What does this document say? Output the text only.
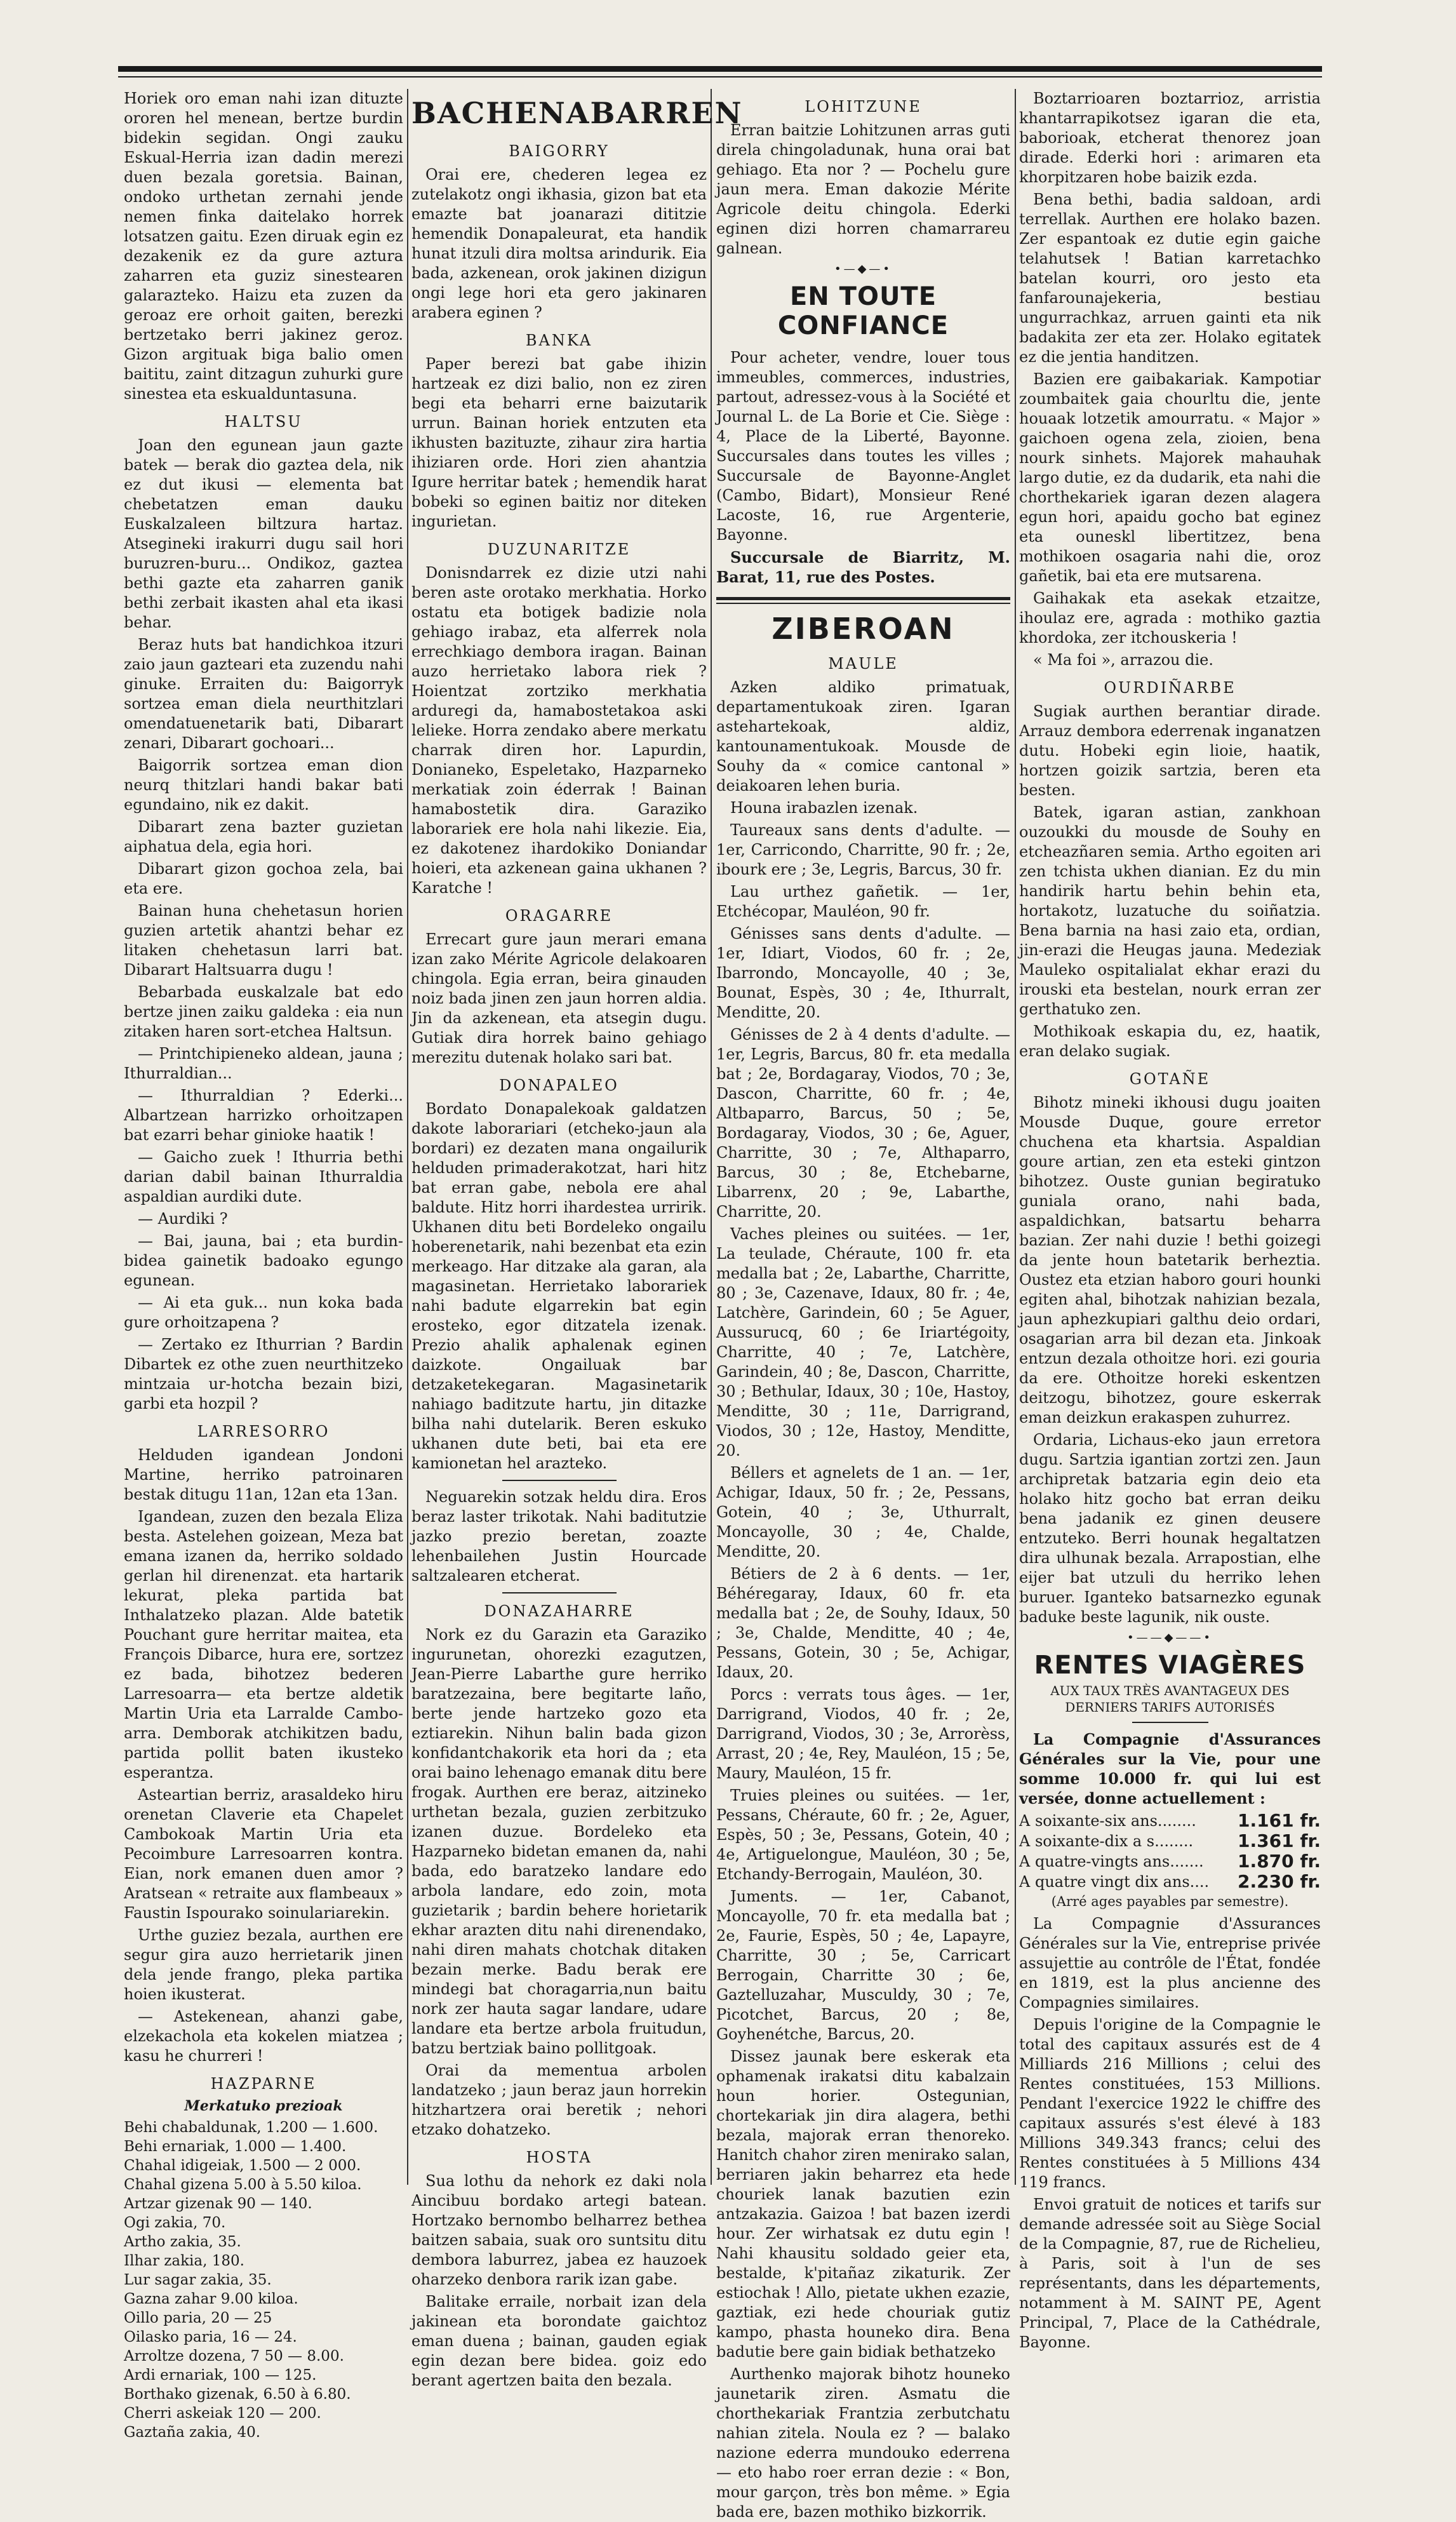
Horiek oro eman nahi izan dituzte ororen hel menean, bertze burdin bidekin segidan. Ongi zauku Eskual-Herria izan dadin merezi duen bezala goretsia. Bainan, ondoko urthetan zernahi jende nemen finka daitelako horrek lotsatzen gaitu. Ezen diruak egin ez dezakenik ez da gure aztura zaharren eta guziz sinestearen galarazteko. Haizu eta zuzen da geroaz ere orhoit gaiten, berezki bertzetako berri jakinez geroz. Gizon argituak biga balio omen baititu, zaint ditzagun zuhurki gure sinestea eta eskualduntasuna.

HALTSU

Joan den egunean jaun gazte batek — berak dio gaztea dela, nik ez dut ikusi — elementa bat chebetatzen eman dauku Euskalzaleen biltzura hartaz. Atsegineki irakurri dugu sail hori buruzren-buru... Ondikoz, gaztea bethi gazte eta zaharren ganik bethi zerbait ikasten ahal eta ikasi behar.

Beraz huts bat handichkoa itzuri zaio jaun gazteari eta zuzendu nahi ginuke. Erraiten du: Baigorryk sortzea eman diela neurthitzlari omendatuenetarik bati, Dibarart zenari, Dibarart gochoari...

Baigorrik sortzea eman dion neurq thitzlari handi bakar bati egundaino, nik ez dakit.

Dibarart zena bazter guzietan aiphatua dela, egia hori.

Dibarart gizon gochoa zela, bai eta ere.

Bainan huna chehetasun horien guzien artetik ahantzi behar ez litaken chehetasun larri bat. Dibarart Haltsuarra dugu !

Bebarbada euskalzale bat edo bertze jinen zaiku galdeka : eia nun zitaken haren sort-etchea Haltsun.

— Printchipieneko aldean, jauna ; Ithurraldian...

— Ithurraldian ? Ederki... Albartzean harrizko orhoitzapen bat ezarri behar ginioke haatik !

— Gaicho zuek ! Ithurria bethi darian dabil bainan Ithurraldia aspaldian aurdiki dute.

— Aurdiki ?

— Bai, jauna, bai ; eta burdin-bidea gainetik badoako egungo egunean.

— Ai eta guk... nun koka bada gure orhoitzapena ?

— Zertako ez Ithurrian ? Bardin Dibartek ez othe zuen neurthitzeko mintzaia ur-hotcha bezain bizi, garbi eta hozpil ?

LARRESORRO

Helduden igandean Jondoni Martine, herriko patroinaren bestak ditugu 11an, 12an eta 13an.

Igandean, zuzen den bezala Eliza besta. Astelehen goizean, Meza bat emana izanen da, herriko soldado gerlan hil direnenzat. eta hartarik lekurat, pleka partida bat Inthalatzeko plazan. Alde batetik Pouchant gure herritar maitea, eta François Dibarce, hura ere, sortzez ez bada, bihotzez bederen Larresoarra— eta bertze aldetik Martin Uria eta Larralde Cambo-arra. Demborak atchikitzen badu, partida pollit baten ikusteko esperantza.

Asteartian berriz, arasaldeko hiru orenetan Claverie eta Chapelet Cambokoak Martin Uria eta Pecoimbure Larresoarren kontra. Eian, nork emanen duen amor ? Aratsean « retraite aux flambeaux » Faustin Ispourako soinulariarekin.

Urthe guziez bezala, aurthen ere segur gira auzo herrietarik jinen dela jende frango, pleka partika hoien ikusterat.

— Astekenean, ahanzi gabe, elzekachola eta kokelen miatzea ; kasu he churreri !

HAZPARNE
Merkatuko prezioak

Behi chabaldunak, 1.200 — 1.600.

Behi ernariak, 1.000 — 1.400.

Chahal idigeiak, 1.500 — 2 000.

Chahal gizena 5.00 à 5.50 kiloa.

Artzar gizenak 90 — 140.

Ogi zakia, 70.

Artho zakia, 35.

Ilhar zakia, 180.

Lur sagar zakia, 35.

Gazna zahar 9.00 kiloa.

Oillo paria, 20 — 25

Oilasko paria, 16 — 24.

Arroltze dozena, 7 50 — 8.00.

Ardi ernariak, 100 — 125.

Borthako gizenak, 6.50 à 6.80.

Cherri askeiak 120 — 200.

Gaztaña zakia, 40.

BACHENABARREN
BAIGORRY

Orai ere, chederen legea ez zutelakotz ongi ikhasia, gizon bat eta emazte bat joanarazi dititzie hemendik Donapaleurat, eta handik hunat itzuli dira moltsa arindurik. Eia bada, azkenean, orok jakinen dizigun ongi lege hori eta gero jakinaren arabera eginen ?

BANKA

Paper berezi bat gabe ihizin hartzeak ez dizi balio, non ez ziren begi eta beharri erne baizutarik urrun. Bainan horiek entzuten eta ikhusten bazituzte, zihaur zira hartia ihiziaren orde. Hori zien ahantzia Igure herritar batek ; hemendik harat bobeki so eginen baitiz nor diteken ingurietan.

DUZUNARITZE

Donisndarrek ez dizie utzi nahi beren aste orotako merkhatia. Horko ostatu eta botigek badizie nola gehiago irabaz, eta alferrek nola errechkiago dembora iragan. Bainan auzo herrietako labora riek ? Hoientzat zortziko merkhatia arduregi da, hamabostetakoa aski lelieke. Horra zendako abere merkatu charrak diren hor. Lapurdin, Donianeko, Espeletako, Hazparneko merkatiak zoin éderrak ! Bainan hamabostetik dira. Garaziko laborariek ere hola nahi likezie. Eia, ez dakotenez ihardokiko Doniandar hoieri, eta azkenean gaina ukhanen ? Karatche !

ORAGARRE

Errecart gure jaun merari emana izan zako Mérite Agricole delakoaren chingola. Egia erran, beira ginauden noiz bada jinen zen jaun horren aldia. Jin da azkenean, eta atsegin dugu. Gutiak dira horrek baino gehiago merezitu dutenak holako sari bat.

DONAPALEO

Bordato Donapalekoak galdatzen dakote laborariari (etcheko-jaun ala bordari) ez dezaten mana ongailurik helduden primaderakotzat, hari hitz bat erran gabe, nebola ere ahal baldute. Hitz horri ihardestea urririk. Ukhanen ditu beti Bordeleko ongailu hoberenetarik, nahi bezenbat eta ezin merkeago. Har ditzake ala garan, ala magasinetan. Herrietako laborariek nahi badute elgarrekin bat egin erosteko, egor ditzatela izenak. Prezio ahalik aphalenak eginen daizkote. Ongailuak bar detzaketekegaran. Magasinetarik nahiago baditzute hartu, jin ditazke bilha nahi dutelarik. Beren eskuko ukhanen dute beti, bai eta ere kamionetan hel arazteko.

Neguarekin sotzak heldu dira. Eros beraz laster trikotak. Nahi baditutzie jazko prezio beretan, zoazte lehenbailehen Justin Hourcade saltzalearen etcherat.

DONAZAHARRE

Nork ez du Garazin eta Garaziko ingurunetan, ohorezki ezagutzen, Jean-Pierre Labarthe gure herriko baratzezaina, bere begitarte laño, berte jende hartzeko gozo eta eztiarekin. Nihun balin bada gizon konfidantchakorik eta hori da ; eta orai baino lehenago emanak ditu bere frogak. Aurthen ere beraz, aitzineko urthetan bezala, guzien zerbitzuko izanen duzue. Bordeleko eta Hazparneko bidetan emanen da, nahi bada, edo baratzeko landare edo arbola landare, edo zoin, mota guzietarik ; bardin behere horietarik ekhar arazten ditu nahi direnendako, nahi diren mahats chotchak ditaken bezain merke. Badu berak ere mindegi bat choragarria,nun baitu nork zer hauta sagar landare, udare landare eta bertze arbola fruitudun, batzu bertziak baino pollitgoak.

Orai da mementua arbolen landatzeko ; jaun beraz jaun horrekin hitzhartzera orai beretik ; nehori etzako dohatzeko.

HOSTA

Sua lothu da nehork ez daki nola Aincibuu bordako artegi batean. Hortzako bernombo belharrez bethea baitzen sabaia, suak oro suntsitu ditu dembora laburrez, jabea ez hauzoek oharzeko denbora rarik izan gabe.

Balitake erraile, norbait izan dela jakinean eta borondate gaichtoz eman duena ; bainan, gauden egiak egin dezan bere bidea. goiz edo berant agertzen baita den bezala.

LOHITZUNE

Erran baitzie Lohitzunen arras guti direla chingoladunak, huna orai bat gehiago. Eta nor ? — Pochelu gure jaun mera. Eman dakozie Mérite Agricole deitu chingola. Ederki eginen dizi horren chamarrareu galnean.

•—◆—•
EN TOUTE CONFIANCE

Pour acheter, vendre, louer tous immeubles, commerces, industries, partout, adressez-vous à la Société et Journal L. de La Borie et Cie. Siège : 4, Place de la Liberté, Bayonne. Succursales dans toutes les villes ; Succursale de Bayonne-Anglet (Cambo, Bidart), Monsieur René Lacoste, 16, rue Argenterie, Bayonne.

Succursale de Biarritz, M. Barat, 11, rue des Postes.

ZIBEROAN
MAULE

Azken aldiko primatuak, departamentukoak ziren. Igaran astehartekoak, aldiz, kantounamentukoak. Mousde de Souhy da « comice cantonal » deiakoaren lehen buria.

Houna irabazlen izenak.

Taureaux sans dents d'adulte. — 1er, Carricondo, Charritte, 90 fr. ; 2e, ibourk ere ; 3e, Legris, Barcus, 30 fr.

Lau urthez gañetik. — 1er, Etchécopar, Mauléon, 90 fr.

Génisses sans dents d'adulte. — 1er, Idiart, Viodos, 60 fr. ; 2e, Ibarrondo, Moncayolle, 40 ; 3e, Bounat, Espès, 30 ; 4e, Ithurralt, Menditte, 20.

Génisses de 2 à 4 dents d'adulte. — 1er, Legris, Barcus, 80 fr. eta medalla bat ; 2e, Bordagaray, Viodos, 70 ; 3e, Dascon, Charritte, 60 fr. ; 4e, Altbaparro, Barcus, 50 ; 5e, Bordagaray, Viodos, 30 ; 6e, Aguer, Charritte, 30 ; 7e, Althaparro, Barcus, 30 ; 8e, Etchebarne, Libarrenx, 20 ; 9e, Labarthe, Charritte, 20.

Vaches pleines ou suitées. — 1er, La teulade, Chéraute, 100 fr. eta medalla bat ; 2e, Labarthe, Charritte, 80 ; 3e, Cazenave, Idaux, 80 fr. ; 4e, Latchère, Garindein, 60 ; 5e Aguer, Aussurucq, 60 ; 6e Iriartégoity, Charritte, 40 ; 7e, Latchère, Garindein, 40 ; 8e, Dascon, Charritte, 30 ; Bethular, Idaux, 30 ; 10e, Hastoy, Menditte, 30 ; 11e, Darrigrand, Viodos, 30 ; 12e, Hastoy, Menditte, 20.

Béllers et agnelets de 1 an. — 1er, Achigar, Idaux, 50 fr. ; 2e, Pessans, Gotein, 40 ; 3e, Uthurralt, Moncayolle, 30 ; 4e, Chalde, Menditte, 20.

Bétiers de 2 à 6 dents. — 1er, Béhéregaray, Idaux, 60 fr. eta medalla bat ; 2e, de Souhy, Idaux, 50 ; 3e, Chalde, Menditte, 40 ; 4e, Pessans, Gotein, 30 ; 5e, Achigar, Idaux, 20.

Porcs : verrats tous âges. — 1er, Darrigrand, Viodos, 40 fr. ; 2e, Darrigrand, Viodos, 30 ; 3e, Arrorèss, Arrast, 20 ; 4e, Rey, Mauléon, 15 ; 5e, Maury, Mauléon, 15 fr.

Truies pleines ou suitées. — 1er, Pessans, Chéraute, 60 fr. ; 2e, Aguer, Espès, 50 ; 3e, Pessans, Gotein, 40 ; 4e, Artiguelongue, Mauléon, 30 ; 5e, Etchandy-Berrogain, Mauléon, 30.

Juments. — 1er, Cabanot, Moncayolle, 70 fr. eta medalla bat ; 2e, Faurie, Espès, 50 ; 4e, Lapayre, Charritte, 30 ; 5e, Carricart Berrogain, Charritte 30 ; 6e, Gaztelluzahar, Musculdy, 30 ; 7e, Picotchet, Barcus, 20 ; 8e, Goyhenétche, Barcus, 20.

Dissez jaunak bere eskerak eta ophamenak irakatsi ditu kabalzain houn horier. Ostegunian, chortekariak jin dira alagera, bethi bezala, majorak erran thenoreko. Hanitch chahor ziren menirako salan, berriaren jakin beharrez eta hede chouriek lanak bazutien ezin antzakazia. Gaizoa ! bat bazen izerdi hour. Zer wirhatsak ez dutu egin ! Nahi khausitu soldado geier eta, bestalde, k'pitañaz zikaturik. Zer estiochak ! Allo, pietate ukhen ezazie, gaztiak, ezi hede chouriak gutiz kampo, phasta houneko dira. Bena badutie bere gain bidiak bethatzeko

Aurthenko majorak bihotz houneko jaunetarik ziren. Asmatu die chorthekariak Frantzia zerbutchatu nahian zitela. Noula ez ? — balako nazione ederra mundouko ederrena — eto habo roer erran dezie : « Bon, mour garçon, très bon même. » Egia bada ere, bazen mothiko bizkorrik.

Boztarrioaren boztarrioz, arristia khantarrapikotsez igaran die eta, baborioak, etcherat thenorez joan dirade. Ederki hori : arimaren eta khorpitzaren hobe baizik ezda.

Bena bethi, badia saldoan, ardi terrellak. Aurthen ere holako bazen. Zer espantoak ez dutie egin gaiche telahutsek ! Batian karretachko batelan kourri, oro jesto eta fanfarounajekeria, bestiau ungurrachkaz, arruen gainti eta nik badakita zer eta zer. Holako egitatek ez die jentia handitzen.

Bazien ere gaibakariak. Kampotiar zoumbaitek gaia chourltu die, jente houaak lotzetik amourratu. « Major » gaichoen ogena zela, zioien, bena nourk sinhets. Majorek mahauhak largo dutie, ez da dudarik, eta nahi die chorthekariek igaran dezen alagera egun hori, apaidu gocho bat eginez eta ouneskl libertitzez, bena mothikoen osagaria nahi die, oroz gañetik, bai eta ere mutsarena.

Gaihakak eta asekak etzaitze, ihoulaz ere, agrada : mothiko gaztia khordoka, zer itchouskeria !

« Ma foi », arrazou die.

OURDIÑARBE

Sugiak aurthen berantiar dirade. Arrauz dembora ederrenak inganatzen dutu. Hobeki egin lioie, haatik, hortzen goizik sartzia, beren eta besten.

Batek, igaran astian, zankhoan ouzoukki du mousde de Souhy en etcheazñaren semia. Artho egoiten ari zen tchista ukhen dianian. Ez du min handirik hartu behin behin eta, hortakotz, luzatuche du soiñatzia. Bena barnia na hasi zaio eta, ordian, jin-erazi die Heugas jauna. Medeziak Mauleko ospitalialat ekhar erazi du irouski eta bestelan, nourk erran zer gerthatuko zen.

Mothikoak eskapia du, ez, haatik, eran delako sugiak.

GOTAÑE

Bihotz mineki ikhousi dugu joaiten Mousde Duque, goure erretor chuchena eta khartsia. Aspaldian goure artian, zen eta esteki gintzon bihotzez. Ouste gunian begiratuko guniala orano, nahi bada, aspaldichkan, batsartu beharra bazian. Zer nahi duzie ! bethi goizegi da jente houn batetarik berheztia. Oustez eta etzian haboro gouri hounki egiten ahal, bihotzak nahizian bezala, jaun aphezkupiari galthu deio ordari, osagarian arra bil dezan eta. Jinkoak entzun dezala othoitze hori. ezi gouria da ere. Othoitze horeki eskentzen deitzogu, bihotzez, goure eskerrak eman deizkun erakaspen zuhurrez.

Ordaria, Lichaus-eko jaun erretora dugu. Sartzia igantian zortzi zen. Jaun archipretak batzaria egin deio eta holako hitz gocho bat erran deiku bena jadanik ez ginen deusere entzuteko. Berri hounak hegaltatzen dira ulhunak bezala. Arrapostian, elhe eijer bat utzuli du herriko lehen buruer. Iganteko batsarnezko egunak baduke beste lagunik, nik ouste.

•——◆——•
RENTES VIAGÈRES

AUX TAUX TRÈS AVANTAGEUX DES DERNIERS TARIFS AUTORISÉS

La Compagnie d'Assurances Générales sur la Vie, pour une somme 10.000 fr. qui lui est versée, donne actuellement :

A soixante-six ans........ 1.161 fr.
A soixante-dix a s........ 1.361 fr.
A quatre-vingts ans....... 1.870 fr.
A quatre vingt dix ans.... 2.230 fr.

(Arré ages payables par semestre).

La Compagnie d'Assurances Générales sur la Vie, entreprise privée assujettie au contrôle de l'État, fondée en 1819, est la plus ancienne des Compagnies similaires.

Depuis l'origine de la Compagnie le total des capitaux assurés est de 4 Milliards 216 Millions ; celui des Rentes constituées, 153 Millions. Pendant l'exercice 1922 le chiffre des capitaux assurés s'est élevé à 183 Millions 349.343 francs; celui des Rentes constituées à 5 Millions 434 119 francs.

Envoi gratuit de notices et tarifs sur demande adressée soit au Siège Social de la Compagnie, 87, rue de Richelieu, à Paris, soit à l'un de ses représentants, dans les départements, notamment à M. SAINT PE, Agent Principal, 7, Place de la Cathédrale, Bayonne.
